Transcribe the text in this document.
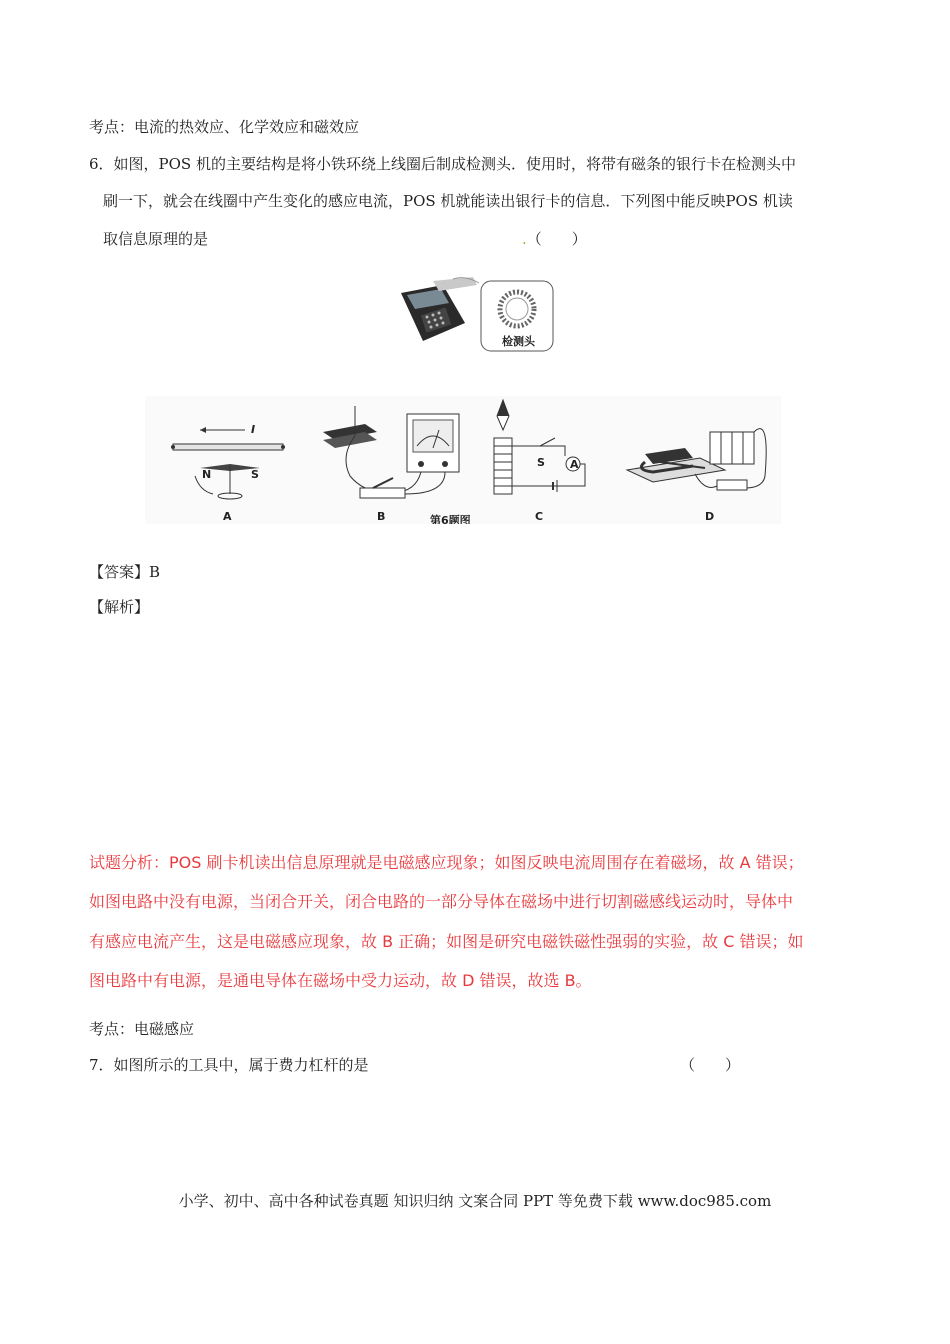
考点：电流的热效应、化学效应和磁效应
6．如图，POS 机的主要结构是将小铁环绕上线圈后制成检测头．使用时，将带有磁条的银行卡在检测头中
刷一下，就会在线圈中产生变化的感应电流，POS 机就能读出银行卡的信息．下列图中能反映POS 机读
取信息原理的是	.（　　）
检测头
I
N	S
A	B
S A
C	D
第6题图
【答案】B
【解析】
试题分析：POS 刷卡机读出信息原理就是电磁感应现象；如图反映电流周围存在着磁场，故 A 错误；
如图电路中没有电源，当闭合开关，闭合电路的一部分导体在磁场中进行切割磁感线运动时，导体中
有感应电流产生，这是电磁感应现象，故 B 正确；如图是研究电磁铁磁性强弱的实验，故 C 错误；如
图电路中有电源，是通电导体在磁场中受力运动，故 D 错误，故选 B。
考点：电磁感应
7．如图所示的工具中，属于费力杠杆的是	（　　）
小学、初中、高中各种试卷真题 知识归纳 文案合同 PPT 等免费下载 www.doc985.com
